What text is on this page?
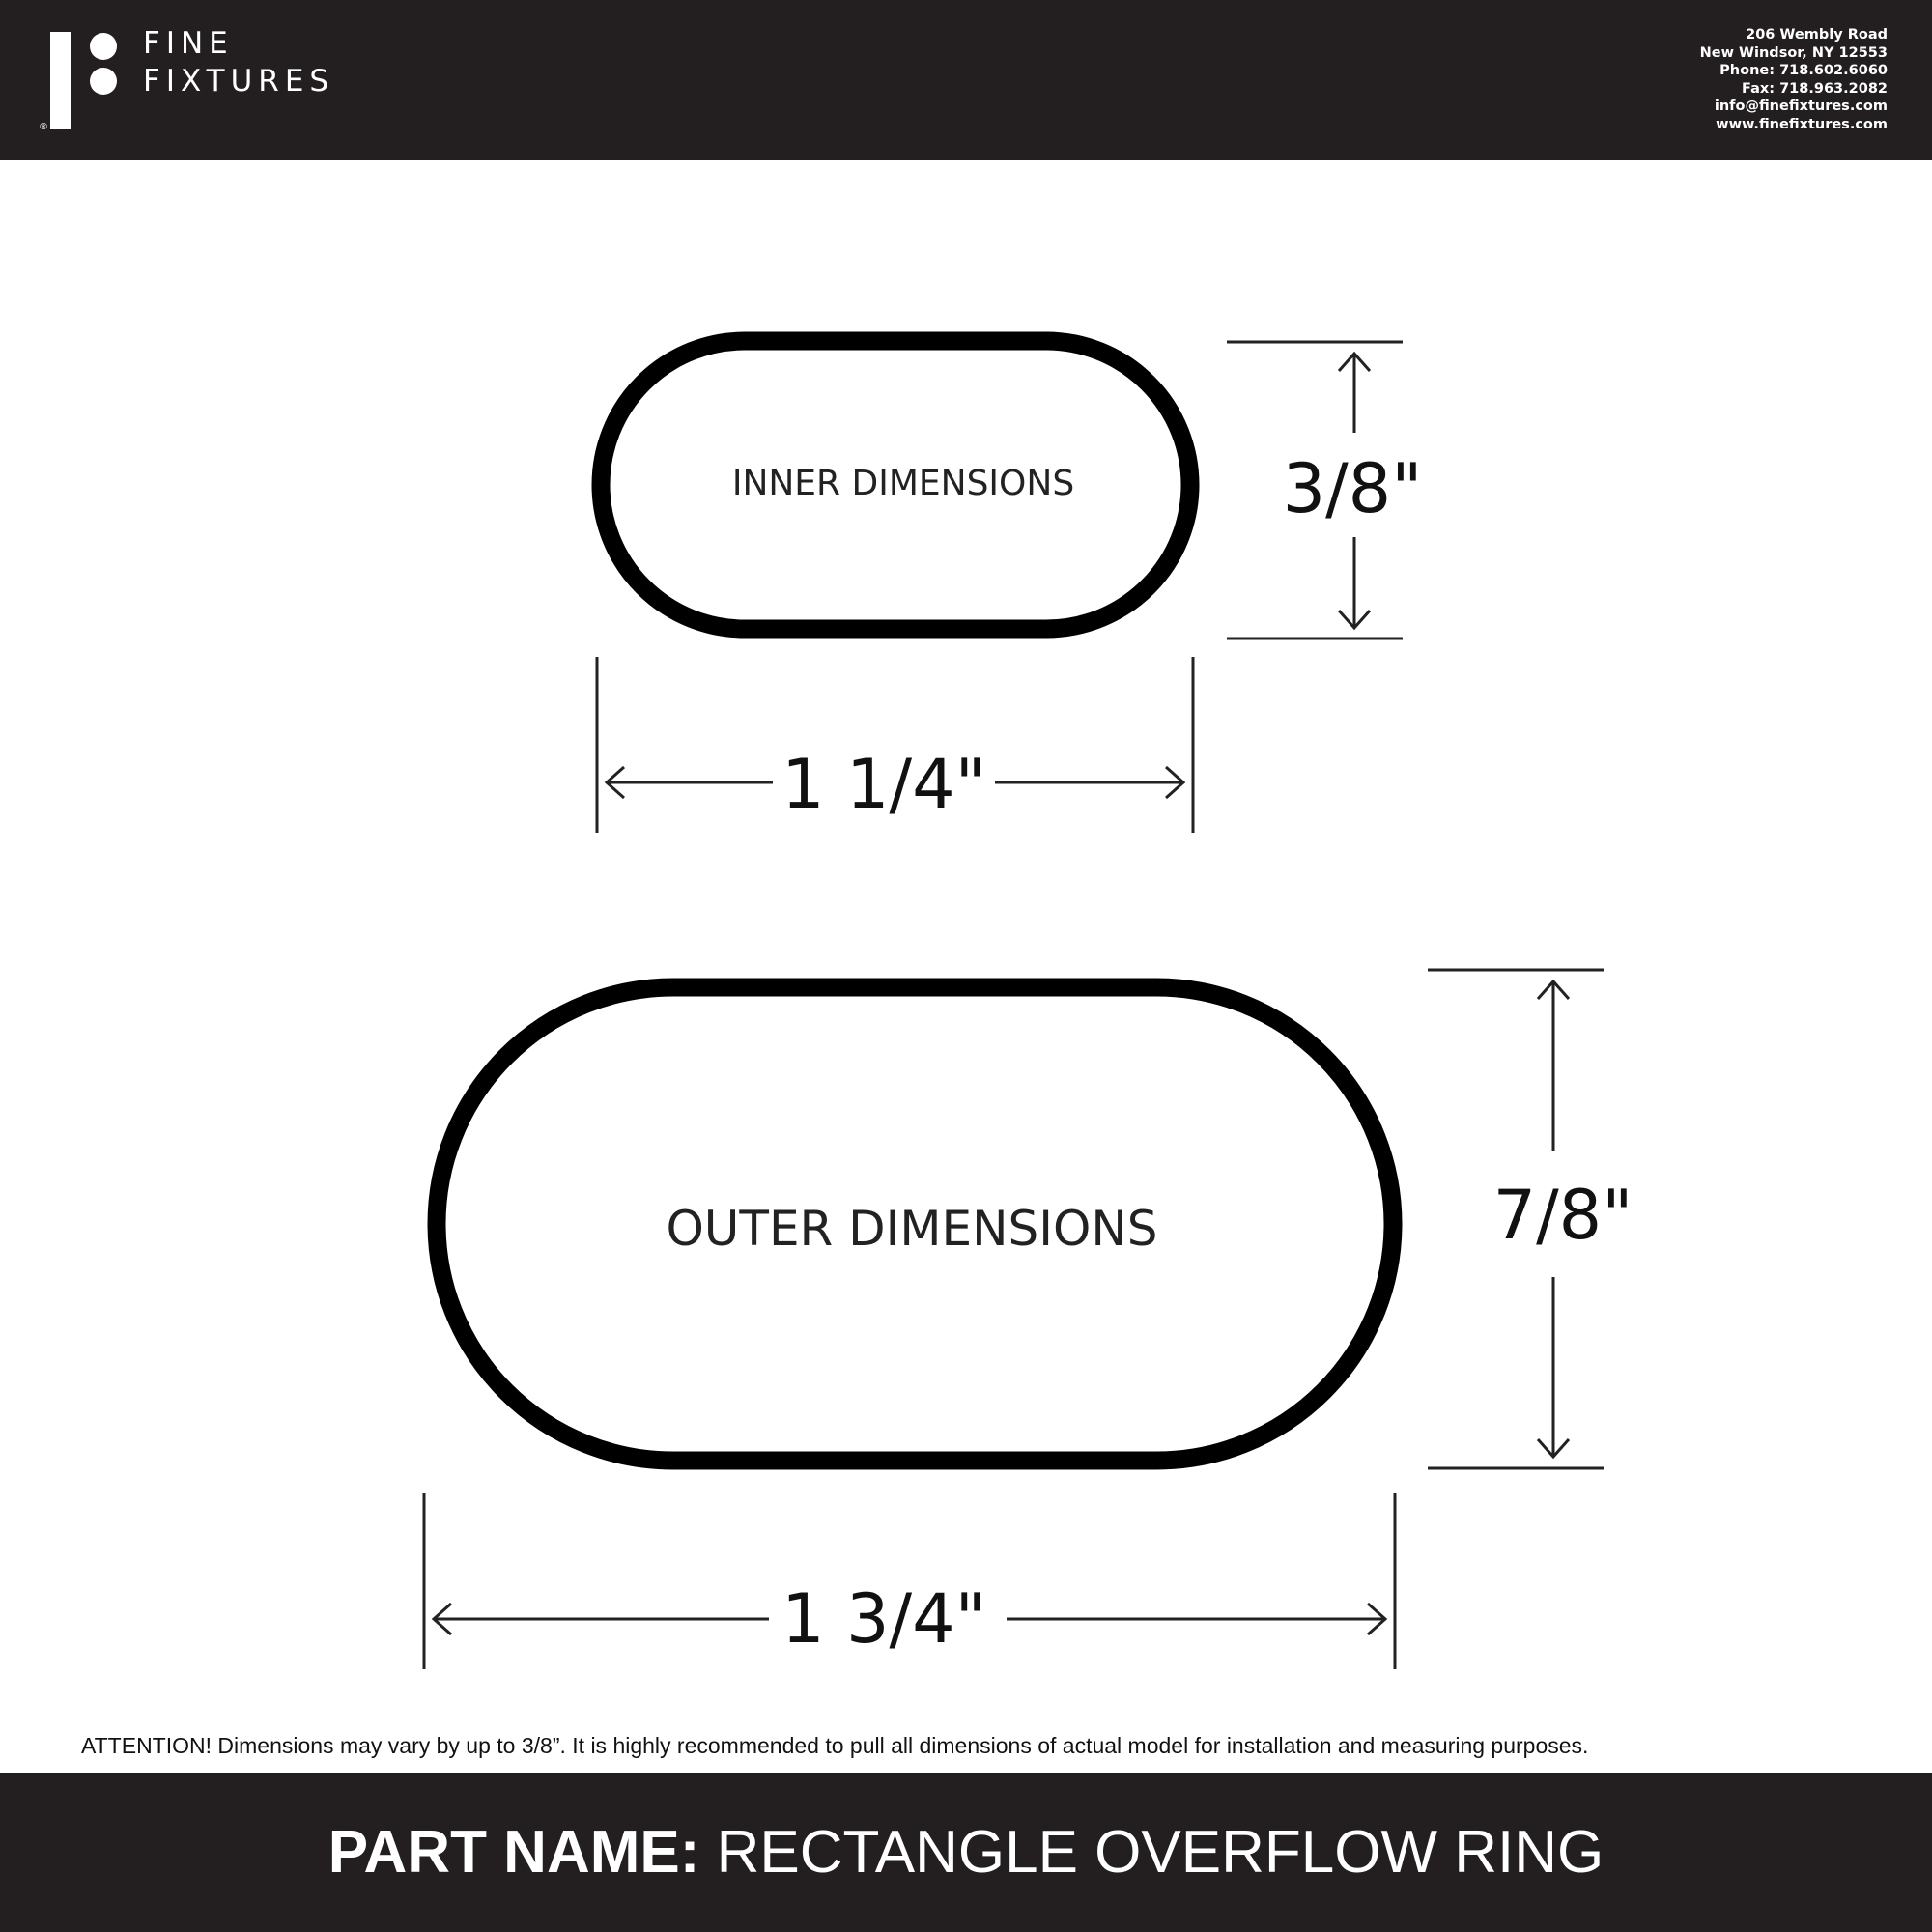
®
FINE
FIXTURES
206 Wembly Road
New Windsor, NY 12553
Phone: 718.602.6060
Fax: 718.963.2082
info@finefixtures.com
www.finefixtures.com
INNER DIMENSIONS	3/8"
1 1/4"
OUTER DIMENSIONS	7/8"
1 3/4"
ATTENTION! Dimensions may vary by up to 3/8”. It is highly recommended to pull all dimensions of actual model for installation and measuring purposes.
PART NAME: RECTANGLE OVERFLOW RING
